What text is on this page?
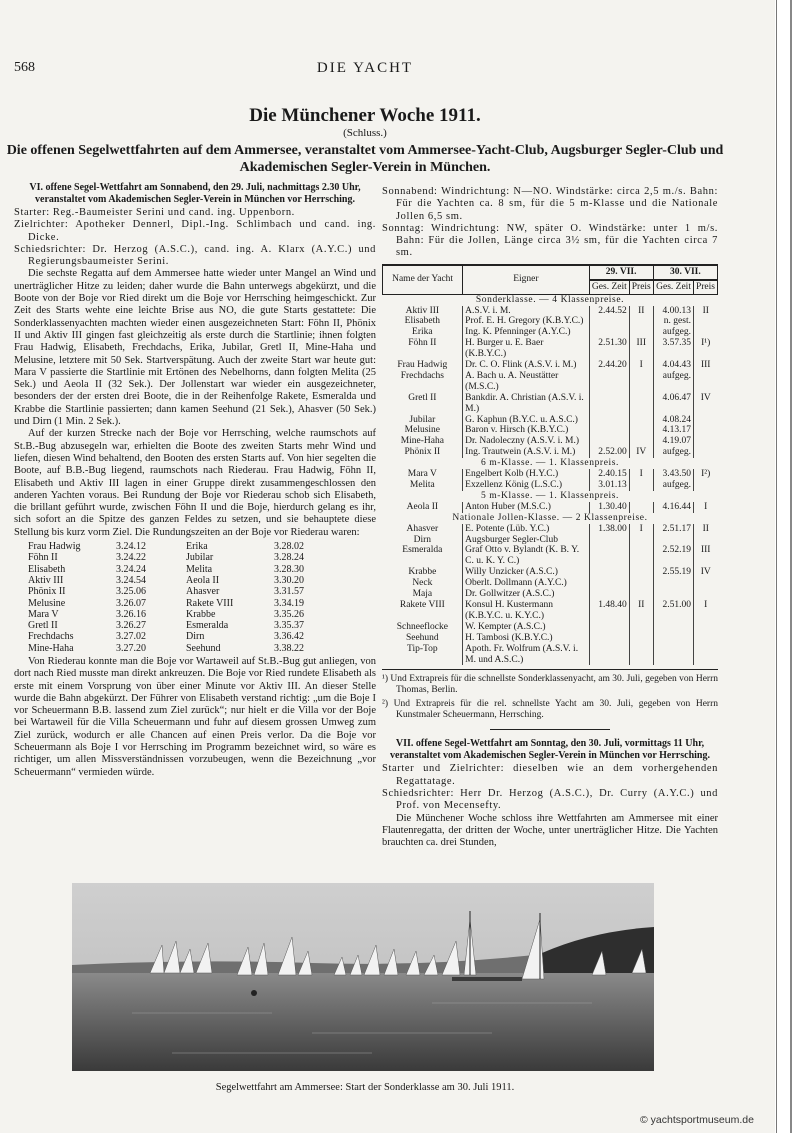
568	DIE YACHT
Die Münchener Woche 1911.
(Schluss.)
Die offenen Segelwettfahrten auf dem Ammersee, veranstaltet vom Ammersee-Yacht-Club, Augsburger Segler-Club und Akademischen Segler-Verein in München.

VI. offene Segel-Wettfahrt am Sonnabend, den 29. Juli, nachmittags 2.30 Uhr, veranstaltet vom Akademischen Segler-Verein in München vor Herrsching.

Starter: Reg.-Baumeister Serini und cand. ing. Uppenborn.

Zielrichter: Apotheker Dennerl, Dipl.-Ing. Schlimbach und cand. ing. Dicke.

Schiedsrichter: Dr. Herzog (A.S.C.), cand. ing. A. Klarx (A.Y.C.) und Regierungsbaumeister Serini.

Die sechste Regatta auf dem Ammersee hatte wieder unter Mangel an Wind und unerträglicher Hitze zu leiden; daher wurde die Bahn unterwegs abgekürzt, und die Boote von der Boje vor Ried direkt um die Boje vor Herrsching heimgeschickt. Zur Zeit des Starts wehte eine leichte Brise aus NO, die gute Starts gestattete: Die Sonderklassenyachten machten wieder einen ausgezeichneten Start: Föhn II, Phönix II und Aktiv III gingen fast gleichzeitig als erste durch die Startlinie; ihnen folgten Frau Hadwig, Elisabeth, Frechdachs, Erika, Jubilar, Gretl II, Mine-Haha und Melusine, letztere mit 50 Sek. Startverspätung. Auch der zweite Start war heute gut: Mara V passierte die Startlinie mit Ertönen des Nebelhorns, dann folgten Melita (25 Sek.) und Aeola II (32 Sek.). Der Jollenstart war wieder ein ausgezeichneter, besonders der der ersten drei Boote, die in der Reihenfolge Rakete, Esmeralda und Krabbe die Startlinie passierten; dann kamen Seehund (21 Sek.), Ahasver (50 Sek.) und Dirn (1 Min. 2 Sek.).

Auf der kurzen Strecke nach der Boje vor Herrsching, welche raumschots auf St.B.-Bug abzusegeln war, erhielten die Boote des zweiten Starts mehr Wind und liefen, diesen Wind behaltend, den Booten des ersten Starts auf. Von hier segelten die Boote, auf B.B.-Bug liegend, raumschots nach Riederau. Frau Hadwig, Föhn II, Elisabeth und Aktiv III lagen in einer Gruppe direkt zusammengeschlossen den anderen Yachten voraus. Bei Rundung der Boje vor Riederau schob sich Elisabeth, die brillant geführt wurde, zwischen Föhn II und die Boje, hierdurch gelang es ihr, sich sofort an die Spitze des ganzen Feldes zu setzen, und sie behauptete diese Stellung bis kurz vorm Ziel. Die Rundungszeiten an der Boje vor Riederau waren:

Frau Hadwig	3.24.12	Erika	3.28.02
Föhn II	3.24.22	Jubilar	3.28.24
Elisabeth	3.24.24	Melita	3.28.30
Aktiv III	3.24.54	Aeola II	3.30.20
Phönix II	3.25.06	Ahasver	3.31.57
Melusine	3.26.07	Rakete VIII	3.34.19
Mara V	3.26.16	Krabbe	3.35.26
Gretl II	3.26.27	Esmeralda	3.35.37
Frechdachs	3.27.02	Dirn	3.36.42
Mine-Haha	3.27.20	Seehund	3.38.22

Von Riederau konnte man die Boje vor Wartaweil auf St.B.-Bug gut anliegen, von dort nach Ried musste man direkt ankreuzen. Die Boje vor Ried rundete Elisabeth als erste mit einem Vorsprung von über einer Minute vor Aktiv III. An dieser Stelle wurde die Bahn abgekürzt. Der Führer von Elisabeth verstand richtig: „um die Boje I vor Scheuermann B.B. lassend zum Ziel zurück“; nur hielt er die Villa vor der Boje bei Wartaweil für die Villa Scheuermann und fuhr auf diesem grossen Umweg zum Ziel zurück, wodurch er alle Chancen auf einen Preis verlor. Da die Boje vor Scheuermann als Boje I vor Herrsching im Programm bezeichnet wird, so wäre es richtiger, um allen Missverständnissen vorzubeugen, wenn die Bezeichnung „vor Scheuermann“ vermieden würde.

Sonnabend: Windrichtung: N—NO. Windstärke: circa 2,5 m./s. Bahn: Für die Yachten ca. 8 sm, für die 5 m-Klasse und die Nationale Jollen 6,5 sm.

Sonntag: Windrichtung: NW, später O. Windstärke: unter 1 m/s. Bahn: Für die Jollen, Länge circa 3½ sm, für die Yachten circa 7 sm.

Name der Yacht	Eigner	29. VII.		30. VII.	
		Ges. Zeit	Preis	Ges. Zeit	Preis
Sonderklasse. — 4 Klassenpreise.					
Aktiv III	A.S.V. i. M.	2.44.52	II	4.00.13	II
Elisabeth	Prof. E. H. Gregory (K.B.Y.C.)			n. gest.	
Erika	Ing. K. Pfenninger (A.Y.C.)			aufgeg.	
Föhn II	H. Burger u. E. Baer (K.B.Y.C.)	2.51.30	III	3.57.35	I¹)
Frau Hadwig	Dr. C. O. Flink (A.S.V. i. M.)	2.44.20	I	4.04.43	III
Frechdachs	A. Bach u. A. Neustätter (M.S.C.)			aufgeg.	
Gretl II	Bankdir. A. Christian (A.S.V. i. M.)			4.06.47	IV
Jubilar	G. Kaphun (B.Y.C. u. A.S.C.)			4.08.24	
Melusine	Baron v. Hirsch (K.B.Y.C.)			4.13.17	
Mine-Haha	Dr. Nadoleczny (A.S.V. i. M.)			4.19.07	
Phönix II	Ing. Trautwein (A.S.V. i. M.)	2.52.00	IV	aufgeg.	
6 m-Klasse. — 1. Klassenpreis.					
Mara V	Engelbert Kolb (H.Y.C.)	2.40.15	I	3.43.50	I²)
Melita	Exzellenz König (L.S.C.)	3.01.13		aufgeg.	
5 m-Klasse. — 1. Klassenpreis.					
Aeola II	Anton Huber (M.S.C.)	1.30.40		4.16.44	I
Nationale Jollen-Klasse. — 2 Klassenpreise.					
Ahasver	E. Potente (Lüb. Y.C.)	1.38.00	I	2.51.17	II
Dirn	Augsburger Segler-Club				
Esmeralda	Graf Otto v. Bylandt (K. B. Y. C. u. K. Y. C.)			2.52.19	III
Krabbe	Willy Unzicker (A.S.C.)			2.55.19	IV
Neck	Oberlt. Dollmann (A.Y.C.)				
Maja	Dr. Gollwitzer (A.S.C.)				
Rakete VIII	Konsul H. Kustermann (K.B.Y.C. u. K.Y.C.)	1.48.40	II	2.51.00	I
Schneeflocke	W. Kempter (A.S.C.)				
Seehund	H. Tambosi (K.B.Y.C.)				
Tip-Top	Apoth. Fr. Wolfrum (A.S.V. i. M. und A.S.C.)				

¹) Und Extrapreis für die schnellste Sonderklassenyacht, am 30. Juli, gegeben von Herrn Thomas, Berlin.

²) Und Extrapreis für die rel. schnellste Yacht am 30. Juli, gegeben von Herrn Kunstmaler Scheuermann, Herrsching.

VII. offene Segel-Wettfahrt am Sonntag, den 30. Juli, vormittags 11 Uhr, veranstaltet vom Akademischen Segler-Verein in München vor Herrsching.

Starter und Zielrichter: dieselben wie an dem vorhergehenden Regattatage.

Schiedsrichter: Herr Dr. Herzog (A.S.C.), Dr. Curry (A.Y.C.) und Prof. von Mecensefty.

Die Münchener Woche schloss ihre Wettfahrten am Ammersee mit einer Flautenregatta, der dritten der Woche, unter unerträglicher Hitze. Die Yachten brauchten ca. drei Stunden,

Segelwettfahrt am Ammersee: Start der Sonderklasse am 30. Juli 1911.
© yachtsportmuseum.de
